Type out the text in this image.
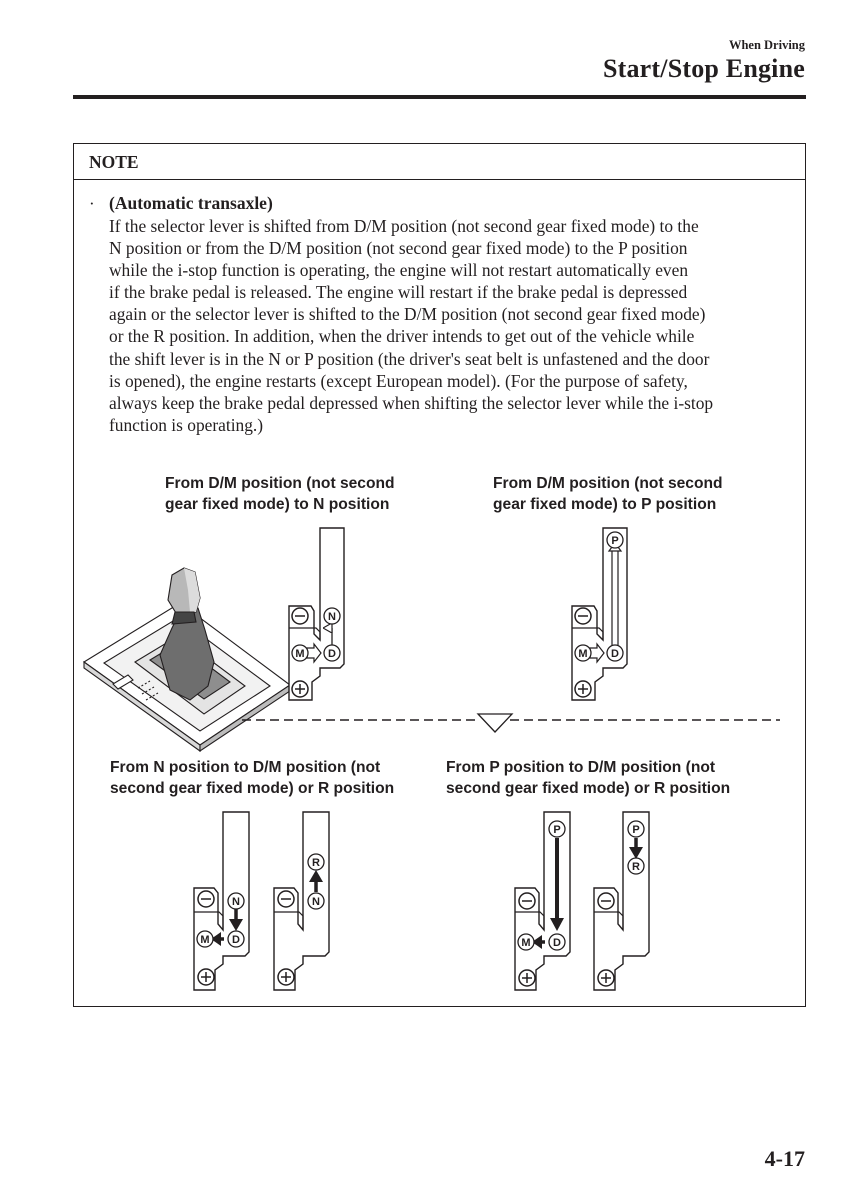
When Driving
Start/Stop Engine
NOTE
· (Automatic transaxle)
If the selector lever is shifted from D/M position (not second gear fixed mode) to the
N position or from the D/M position (not second gear fixed mode) to the P position
while the i-stop function is operating, the engine will not restart automatically even
if the brake pedal is released. The engine will restart if the brake pedal is depressed
again or the selector lever is shifted to the D/M position (not second gear fixed mode)
or the R position. In addition, when the driver intends to get out of the vehicle while
the shift lever is in the N or P position (the driver's seat belt is unfastened and the door
is opened), the engine restarts (except European model). (For the purpose of safety,
always keep the brake pedal depressed when shifting the selector lever while the i-stop
function is operating.)
From D/M position (not second
gear fixed mode) to N position
From D/M position (not second
gear fixed mode) to P position
From N position to D/M position (not
second gear fixed mode) or R position
From P position to D/M position (not
second gear fixed mode) or R position
N
D
M
P
D
M
N
D
M
R
N
P
D
M
P
R
4-17
